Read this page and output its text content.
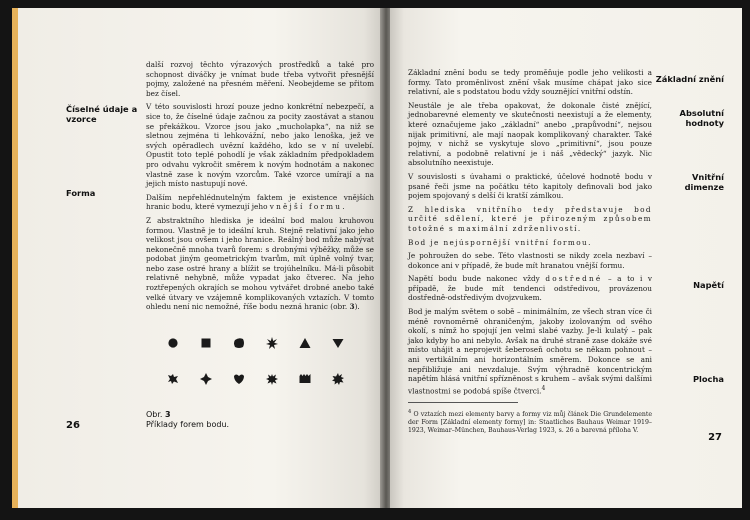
Číselné údaje a vzorce
Forma

další rozvoj těchto výrazových prostředků a také pro schopnost diváčky je vnímat bude třeba vytvořit přesnější pojmy, založené na přesném měření. Neobejdeme se přitom bez čísel.

V této souvislosti hrozí pouze jedno konkrétní nebezpečí, a sice to, že číselné údaje začnou za pocity zaostávat a stanou se překážkou. Vzorce jsou jako „mucholapka“, na niž se sletnou zejména ti lehkovážní, nebo jako lenoška, jež ve svých opěradlech uvězní každého, kdo se v ní uvelebí. Opustit toto teplé pohodlí je však základním předpokladem pro odvahu vykročit směrem k novým hodnotám a nakonec vlastně zase k novým vzorcům. Také vzorce umírají a na jejich místo nastupují nové.

Dalším nepřehlédnutelným faktem je existence vnějších hranic bodu, které vymezují jeho vnější formu.

Z abstraktního hlediska je ideální bod malou kruhovou formou. Vlastně je to ideální kruh. Stejně relativní jako jeho velikost jsou ovšem i jeho hranice. Reálný bod může nabývat nekonečně mnoha tvarů forem: s drobnými výběžky, může se podobat jiným geometrickým tvarům, mít úplně volný tvar, nebo zase ostré hrany a blížit se trojúhelníku. Má-li působit relativně nehybně, může vypadat jako čtverec. Na jeho roztřepených okrajích se mohou vytvářet drobné anebo také velké útvary ve vzájemně komplikovaných vztazích. V tomto ohledu není nic nemožné, říše bodu nezná hranic (obr. 3).

Obr. 3
Příklady forem bodu.
26

Základní znění bodu se tedy proměňuje podle jeho velikosti a formy. Tato proměnlivost znění však musíme chápat jako sice relativní, ale s podstatou bodu vždy souznějící vnitřní odstín.

Neustále je ale třeba opakovat, že dokonale čisté znějící, jednobarevné elementy ve skutečnosti neexistují a že elementy, které označujeme jako „základní“ anebo „prapůvodní“, nejsou nijak primitivní, ale mají naopak komplikovaný charakter. Také pojmy, v nichž se vyskytuje slovo „primitivní“, jsou pouze relativní, a podobně relativní je i náš „vědecký“ jazyk. Nic absolutního neexistuje.

V souvislosti s úvahami o praktické, účelové hodnotě bodu v psané řeči jsme na počátku této kapitoly definovali bod jako pojem spojovaný s delší či kratší zámlkou.

Z hlediska vnitřního tedy představuje bod určité sdělení, které je přirozeným způsobem totožné s maximální zdrženlivostí.

Bod je nejúspornější vnitřní formou.

Je pohroužen do sebe. Této vlastnosti se nikdy zcela nezbaví – dokonce ani v případě, že bude mít hranatou vnější formu.

Napětí bodu bude nakonec vždy dostředné – a to i v případě, že bude mít tendenci odstředivou, provázenou dostředně-odstředivým dvojzvukem.

Bod je malým světem o sobě – minimálním, ze všech stran více či méně rovnoměrně ohraničeným, jakoby izolovaným od svého okolí, s nímž ho spojují jen velmi slabé vazby. Je-li kulatý – pak jako kdyby ho ani nebylo. Avšak na druhé straně zase dokáže své místo uhájit a neprojevit šeberoseň ochotu se někam pohnout – ani vertikálním ani horizontálním směrem. Dokonce se ani nepřibližuje ani nevzdaluje. Svým výhradně koncentrickým napětím hlásá vnitřní spřízněnost s kruhem – avšak svými dalšími vlastnostmi se podobá spíše čtverci.$^4$

Základní znění
Absolutní hodnoty
Vnitřní dimenze
Napětí
Plocha
$^4$ O vztazích mezi elementy barvy a formy viz můj článek Die Grundelemente der Form [Základní elementy formy] in: Staatliches Bauhaus Weimar 1919–1923, Weimar–München, Bauhaus-Verlag 1923, s. 26 a barevná příloha V.
27
